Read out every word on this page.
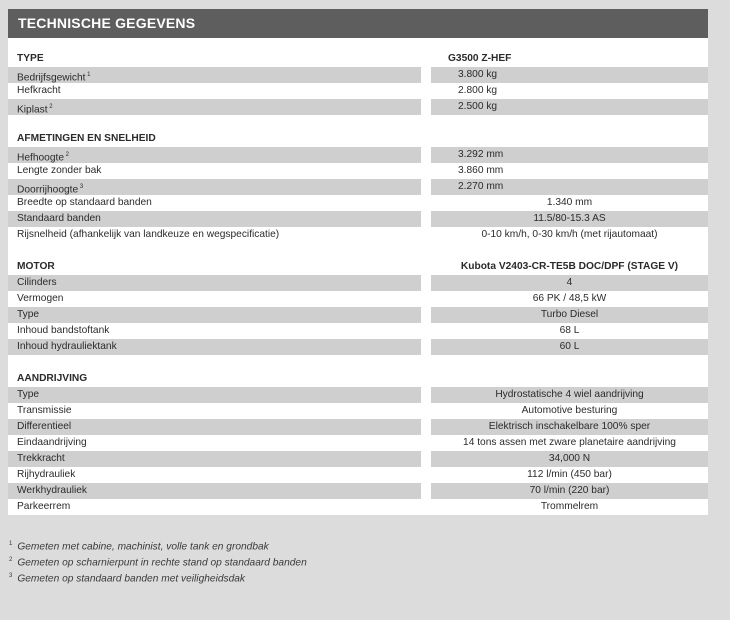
TECHNISCHE GEGEVENS
TYPE	G3500 Z-HEF
Bedrijfsgewicht $^1$	3.800 kg
Hefkracht	2.800 kg
Kiplast $^2$	2.500 kg
AFMETINGEN EN SNELHEID
Hefhoogte $^2$	3.292 mm
Lengte zonder bak	3.860 mm
Doorrijhoogte $^3$	2.270 mm
Breedte op standaard banden	1.340 mm
Standaard banden	11.5/80-15.3 AS
Rijsnelheid (afhankelijk van landkeuze en wegspecificatie)	0-10 km/h, 0-30 km/h (met rijautomaat)
MOTOR	Kubota V2403-CR-TE5B DOC/DPF (STAGE V)
Cilinders	4
Vermogen	66 PK / 48,5 kW
Type	Turbo Diesel
Inhoud bandstoftank	68 L
Inhoud hydrauliektank	60 L
AANDRIJVING
Type	Hydrostatische 4 wiel aandrijving
Transmissie	Automotive besturing
Differentieel	Elektrisch inschakelbare 100% sper
Eindaandrijving	14 tons assen met zware planetaire aandrijving
Trekkracht	34,000 N
Rijhydrauliek	112 l/min (450 bar)
Werkhydrauliek	70 l/min (220 bar)
Parkeerrem	Trommelrem
$^1$ Gemeten met cabine, machinist, volle tank en grondbak
$^2$ Gemeten op scharnierpunt in rechte stand op standaard banden
$^3$ Gemeten op standaard banden met veiligheidsdak
